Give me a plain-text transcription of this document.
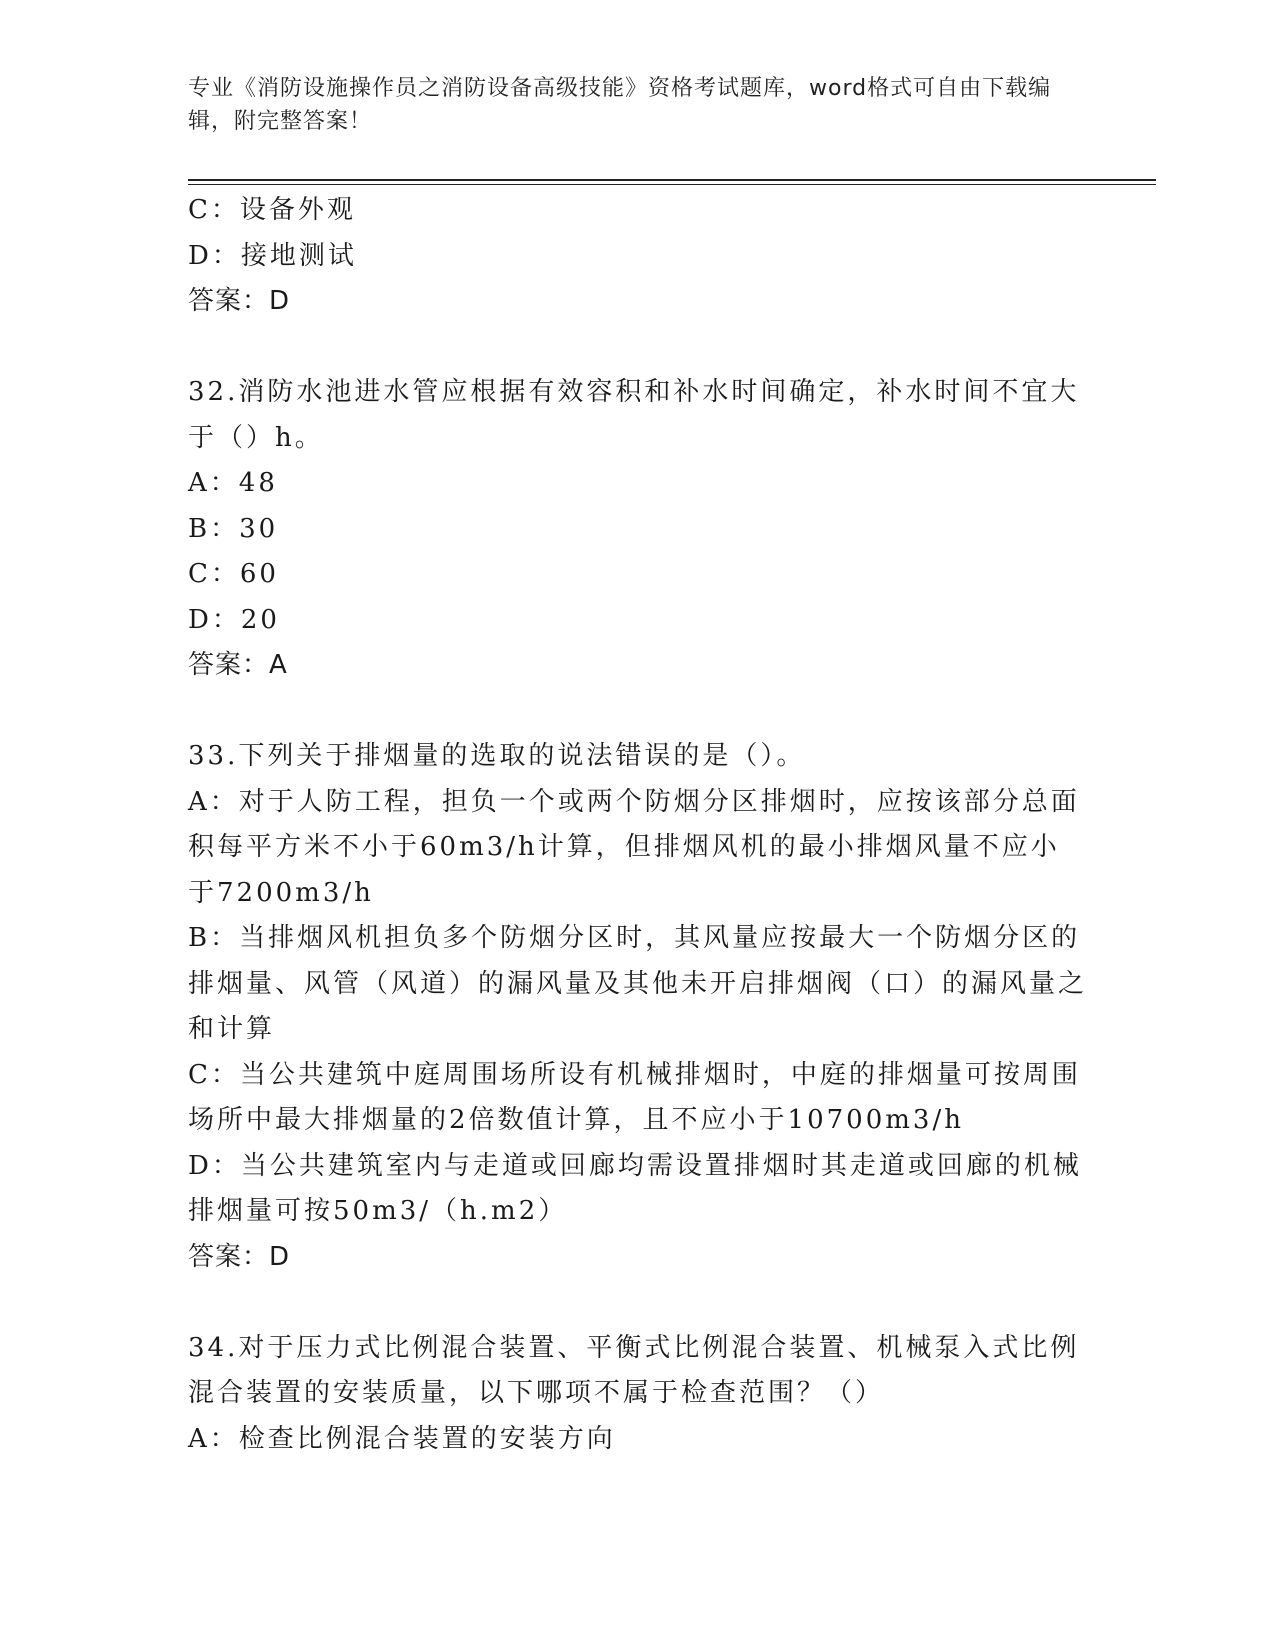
专业《消防设施操作员之消防设备高级技能》资格考试题库，word格式可自由下载编辑，附完整答案！
C：设备外观
D：接地测试
答案：D
32.消防水池进水管应根据有效容积和补水时间确定，补水时间不宜大于（）h。
A：48
B：30
C：60
D：20
答案：A
33.下列关于排烟量的选取的说法错误的是（）。
A：对于人防工程，担负一个或两个防烟分区排烟时，应按该部分总面积每平方米不小于60m3/h计算，但排烟风机的最小排烟风量不应小于7200m3/h
B：当排烟风机担负多个防烟分区时，其风量应按最大一个防烟分区的排烟量、风管（风道）的漏风量及其他未开启排烟阀（口）的漏风量之和计算
C：当公共建筑中庭周围场所设有机械排烟时，中庭的排烟量可按周围场所中最大排烟量的2倍数值计算，且不应小于10700m3/h
D：当公共建筑室内与走道或回廊均需设置排烟时其走道或回廊的机械排烟量可按50m3/（h.m2）
答案：D
34.对于压力式比例混合装置、平衡式比例混合装置、机械泵入式比例混合装置的安装质量，以下哪项不属于检查范围？（）
A：检查比例混合装置的安装方向
